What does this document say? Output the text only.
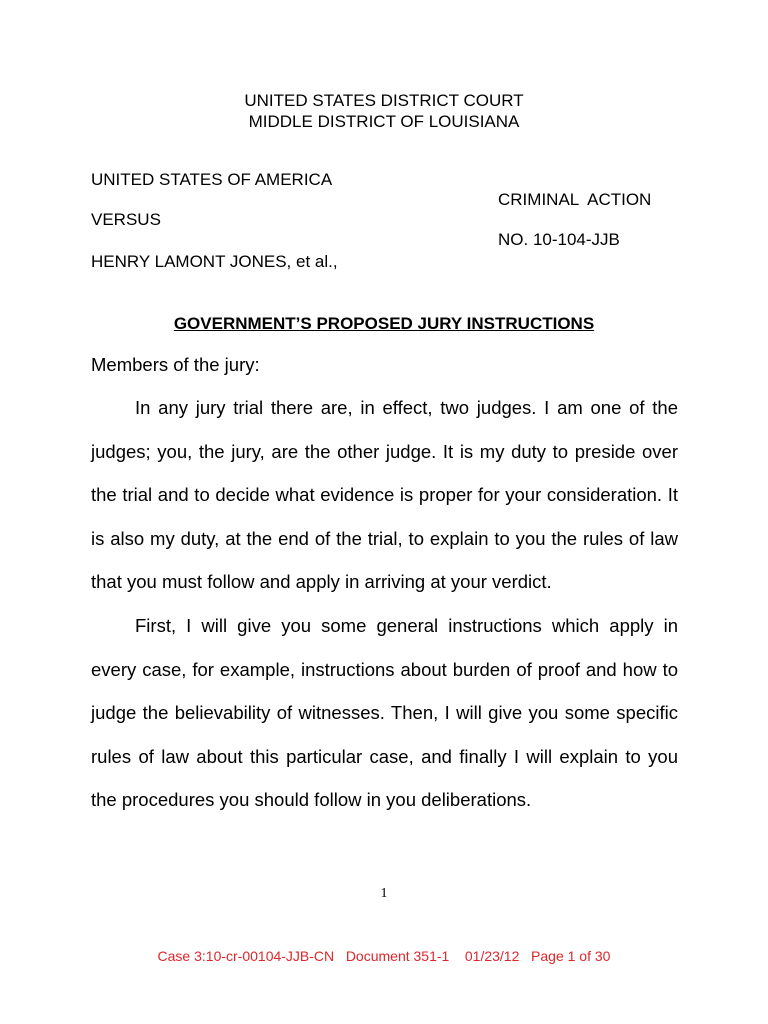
UNITED STATES DISTRICT COURT
MIDDLE DISTRICT OF LOUISIANA
UNITED STATES OF AMERICA
VERSUS
HENRY LAMONT JONES, et al.,
CRIMINAL  ACTION
NO. 10-104-JJB
GOVERNMENT’S PROPOSED JURY INSTRUCTIONS
Members of the jury:

In any jury trial there are, in effect, two judges. I am one of the judges; you, the jury, are the other judge. It is my duty to preside over the trial and to decide what evidence is proper for your consideration. It is also my duty, at the end of the trial, to explain to you the rules of law that you must follow and apply in arriving at your verdict.

First, I will give you some general instructions which apply in every case, for example, instructions about burden of proof and how to judge the believability of witnesses. Then, I will give you some specific rules of law about this particular case, and finally I will explain to you the procedures you should follow in you deliberations.

1
Case 3:10-cr-00104-JJB-CN   Document 351-1    01/23/12   Page 1 of 30
